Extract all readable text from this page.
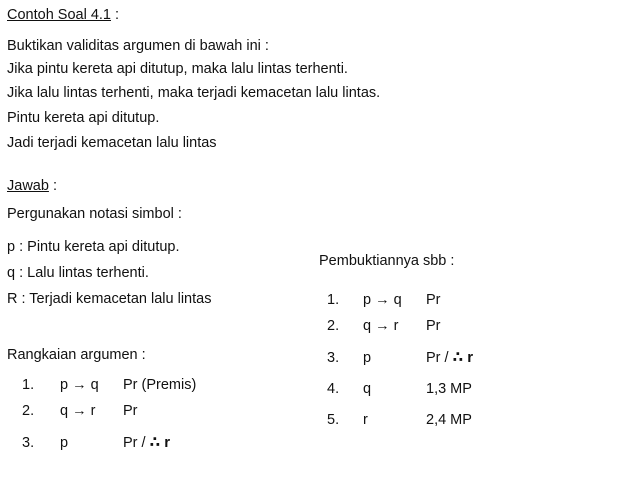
Contoh Soal 4.1 :
Buktikan validitas argumen di bawah ini :
Jika pintu kereta api ditutup, maka lalu lintas terhenti.
Jika lalu lintas terhenti, maka terjadi kemacetan lalu lintas.
Pintu kereta api ditutup.
Jadi terjadi kemacetan lalu lintas
Jawab :
Pergunakan notasi simbol :
p : Pintu kereta api ditutup.
q : Lalu lintas terhenti.
R : Terjadi kemacetan lalu lintas
Rangkaian argumen :
1. p → q Pr (Premis)
2. q → r Pr
3. p	Pr / ∴ r
Pembuktiannya sbb :
1. p → q Pr
2. q → r Pr
3. p	Pr / ∴ r
4. q	1,3 MP
5. r	2,4 MP
